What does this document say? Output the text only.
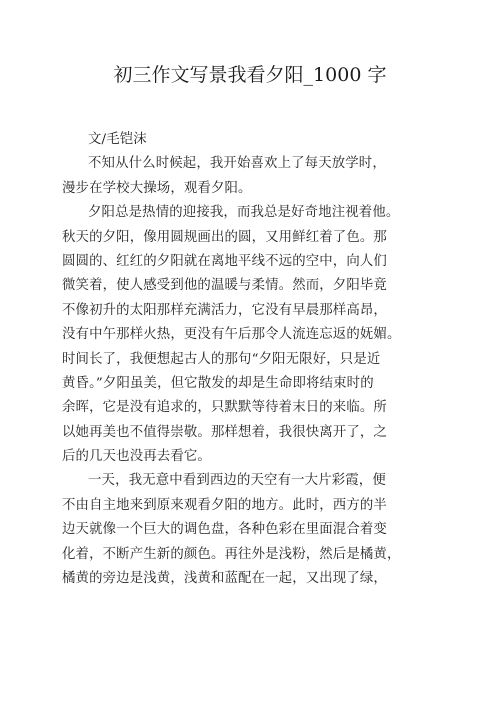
初三作文写景我看夕阳_1000 字
文/毛铠沫
不知从什么时候起，我开始喜欢上了每天放学时，
漫步在学校大操场，观看夕阳。
夕阳总是热情的迎接我，而我总是好奇地注视着他。
秋天的夕阳，像用圆规画出的圆，又用鲜红着了色。那
圆圆的、红红的夕阳就在离地平线不远的空中，向人们
微笑着，使人感受到他的温暖与柔情。然而，夕阳毕竟
不像初升的太阳那样充满活力，它没有早晨那样高昂，
没有中午那样火热，更没有午后那令人流连忘返的妩媚。
时间长了，我便想起古人的那句“夕阳无限好，只是近
黄昏。”夕阳虽美，但它散发的却是生命即将结束时的
余晖，它是没有追求的，只默默等待着末日的来临。所
以她再美也不值得崇敬。那样想着，我很快离开了，之
后的几天也没再去看它。
一天，我无意中看到西边的天空有一大片彩霞，便
不由自主地来到原来观看夕阳的地方。此时，西方的半
边天就像一个巨大的调色盘，各种色彩在里面混合着变
化着，不断产生新的颜色。再往外是浅粉，然后是橘黄，
橘黄的旁边是浅黄，浅黄和蓝配在一起，又出现了绿，
